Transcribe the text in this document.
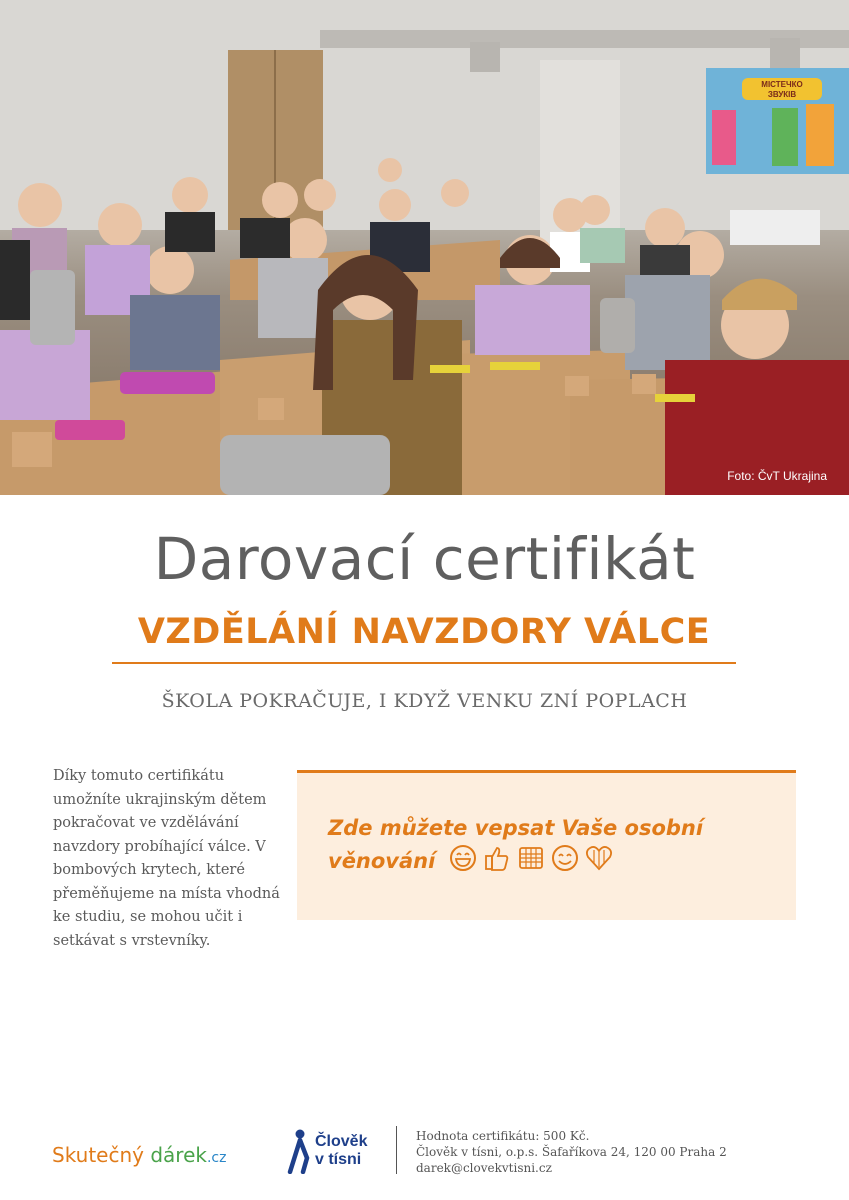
МІСТЕЧКО
ЗВУКІВ
Foto: ČvT Ukrajina
Darovací certifikát
VZDĚLÁNÍ NAVZDORY VÁLCE
ŠKOLA POKRAČUJE, I KDYŽ VENKU ZNÍ POPLACH
Díky tomuto certifikátu umožníte ukrajinským dětem pokračovat ve vzdělávání navzdory probíhající válce. V bombových krytech, které přeměňujeme na místa vhodná ke studiu, se mohou učit i setkávat s vrstevníky.
Zde můžete vepsat Vaše osobní věnování
Skutečný dárek.cz
Člověk
v tísni
Hodnota certifikátu: 500 Kč.
Člověk v tísni, o.p.s. Šafaříkova 24, 120 00 Praha 2
darek@clovekvtisni.cz
